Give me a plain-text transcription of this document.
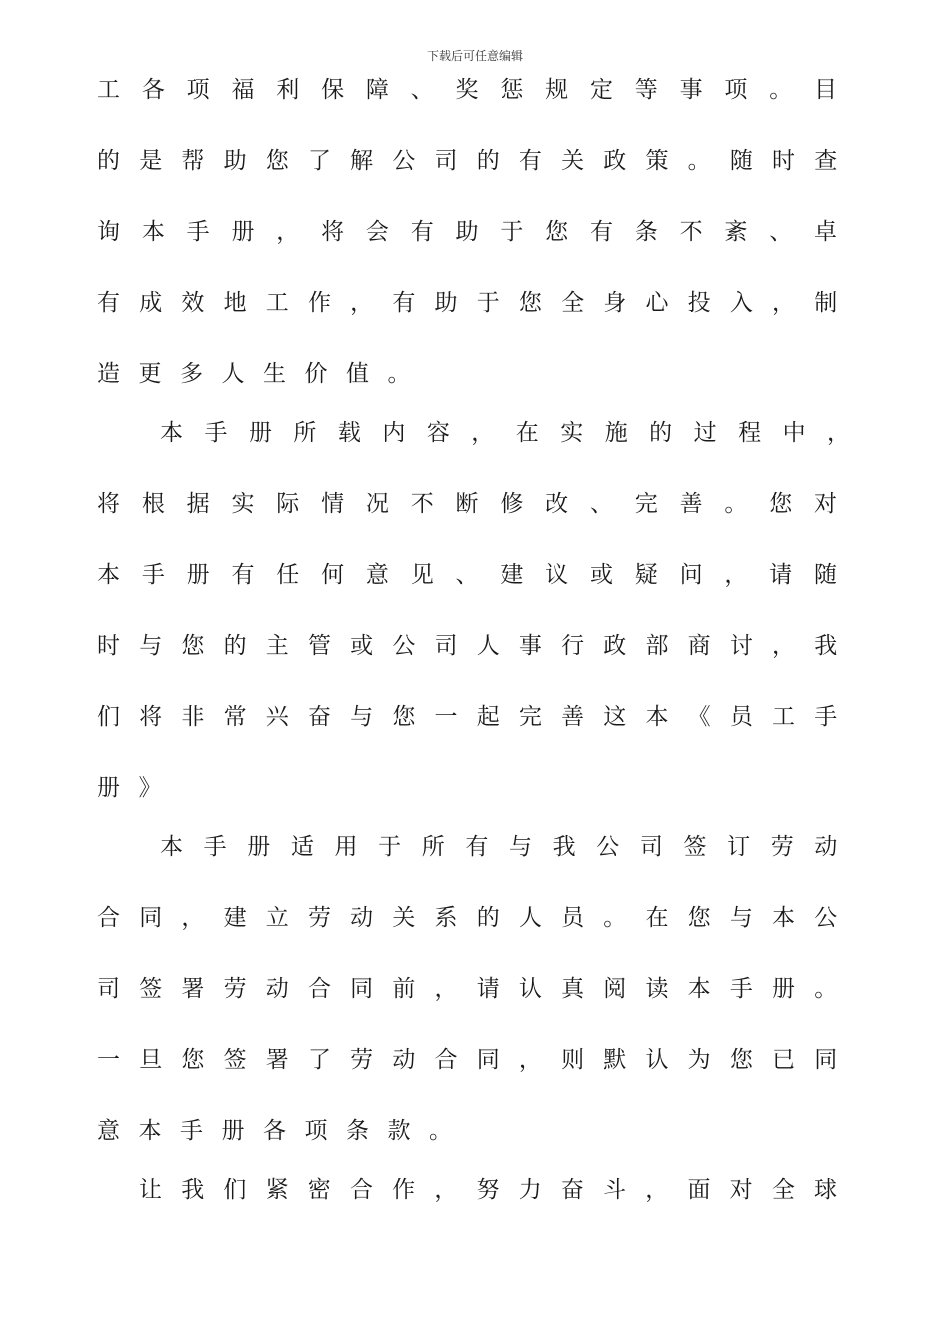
下载后可任意编辑
工 各 项 福 利 保 障 、 奖 惩 规 定 等 事 项 。 目
的 是 帮 助 您 了 解 公 司 的 有 关 政 策 。 随 时 查
询 本 手 册 ， 将 会 有 助 于 您 有 条 不 紊 、 卓
有 成 效 地 工 作 ， 有 助 于 您 全 身 心 投 入 ， 制
造更多人生价值。
本 手 册 所 载 内 容 ， 在 实 施 的 过 程 中 ，
将 根 据 实 际 情 况 不 断 修 改 、 完 善 。 您 对
本 手 册 有 任 何 意 见 、 建 议 或 疑 问 ， 请 随
时 与 您 的 主 管 或 公 司 人 事 行 政 部 商 讨 ， 我
们 将 非 常 兴 奋 与 您 一 起 完 善 这 本 《 员 工 手
册》
本 手 册 适 用 于 所 有 与 我 公 司 签 订 劳 动
合 同 ， 建 立 劳 动 关 系 的 人 员 。 在 您 与 本 公
司 签 署 劳 动 合 同 前 ， 请 认 真 阅 读 本 手 册 。
一 旦 您 签 署 了 劳 动 合 同 ， 则 默 认 为 您 已 同
意本手册各项条款。
让 我 们 紧 密 合 作 ， 努 力 奋 斗 ， 面 对 全 球
